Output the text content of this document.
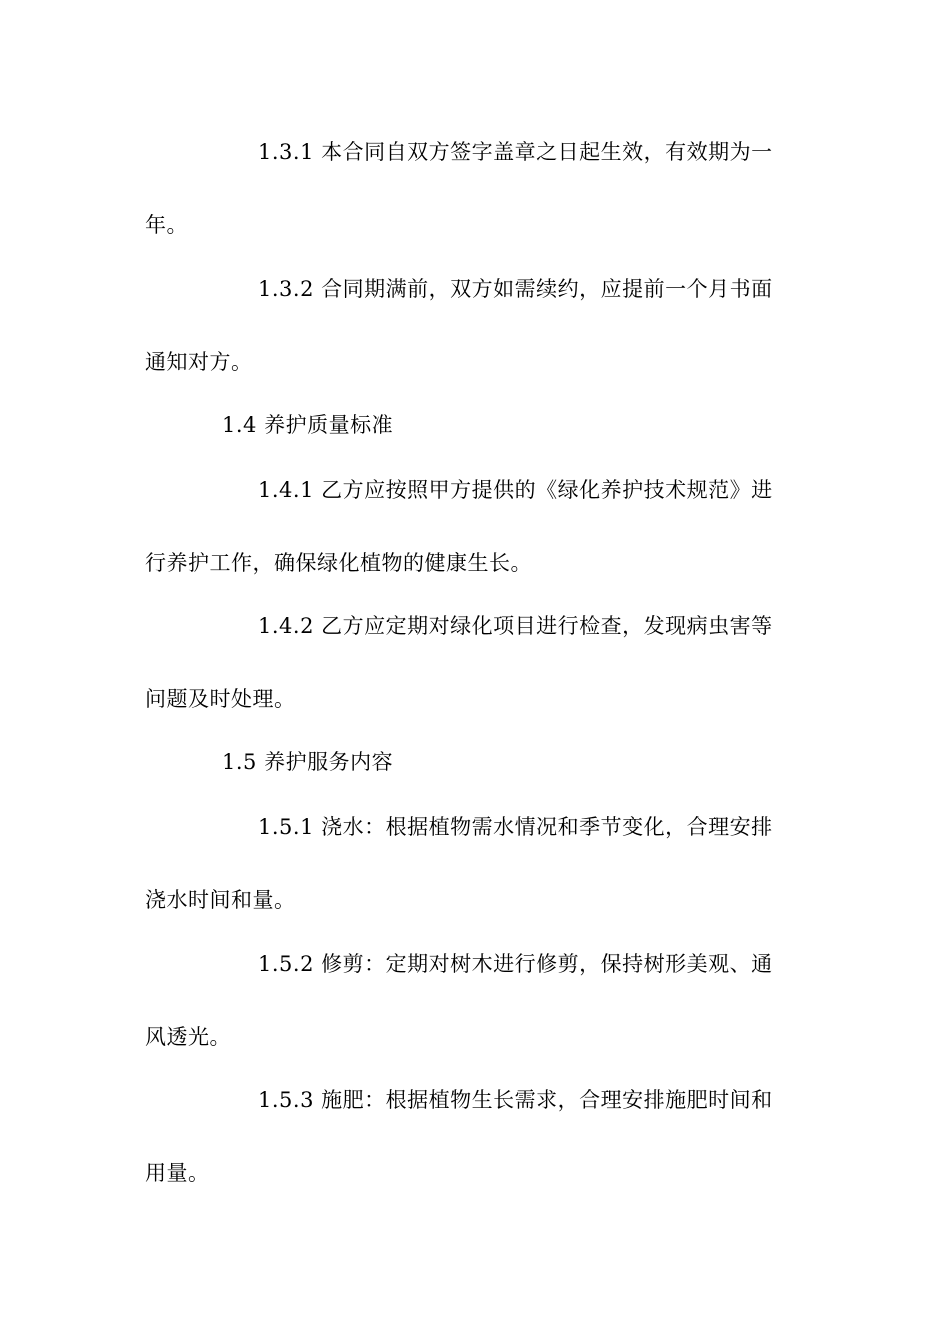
1.3.1 本合同自双方签字盖章之日起生效，有效期为一
年。
1.3.2 合同期满前，双方如需续约，应提前一个月书面
通知对方。
1.4 养护质量标准
1.4.1 乙方应按照甲方提供的《绿化养护技术规范》进
行养护工作，确保绿化植物的健康生长。
1.4.2 乙方应定期对绿化项目进行检查，发现病虫害等
问题及时处理。
1.5 养护服务内容
1.5.1 浇水：根据植物需水情况和季节变化，合理安排
浇水时间和量。
1.5.2 修剪：定期对树木进行修剪，保持树形美观、通
风透光。
1.5.3 施肥：根据植物生长需求，合理安排施肥时间和
用量。
